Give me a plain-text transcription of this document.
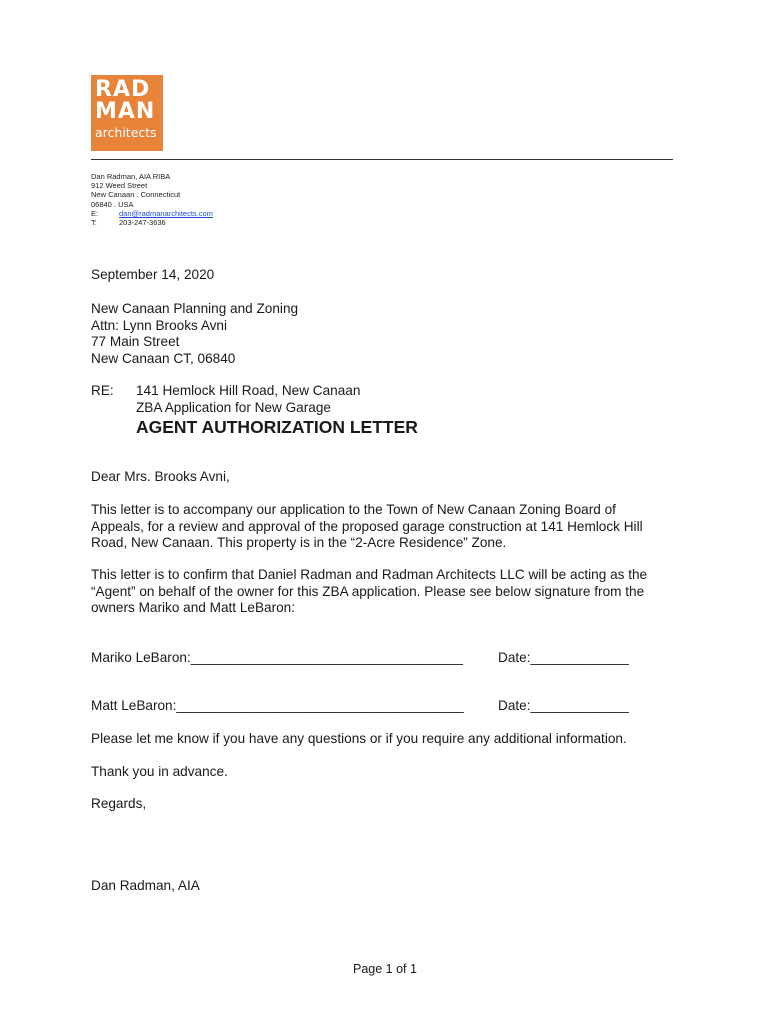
RAD
MAN
architects
Dan Radman, AIA RIBA
912 Weed Street
New Canaan . Connecticut
06840 . USA
E:	dan@radmanarchitects.com
T:	203-247-3636
September 14, 2020
New Canaan Planning and Zoning
Attn: Lynn Brooks Avni
77 Main Street
New Canaan CT, 06840
RE: 141 Hemlock Hill Road, New Canaan
ZBA Application for New Garage
AGENT AUTHORIZATION LETTER
Dear Mrs. Brooks Avni,
This letter is to accompany our application to the Town of New Canaan Zoning Board of
Appeals, for a review and approval of the proposed garage construction at 141 Hemlock Hill
Road, New Canaan. This property is in the “2-Acre Residence” Zone.
This letter is to confirm that Daniel Radman and Radman Architects LLC will be acting as the
“Agent” on behalf of the owner for this ZBA application. Please see below signature from the
owners Mariko and Matt LeBaron:
Mariko LeBaron:____________________________________	Date:_____________
Matt LeBaron:______________________________________	Date:_____________
Please let me know if you have any questions or if you require any additional information.
Thank you in advance.
Regards,
Dan Radman, AIA
Page 1 of 1
